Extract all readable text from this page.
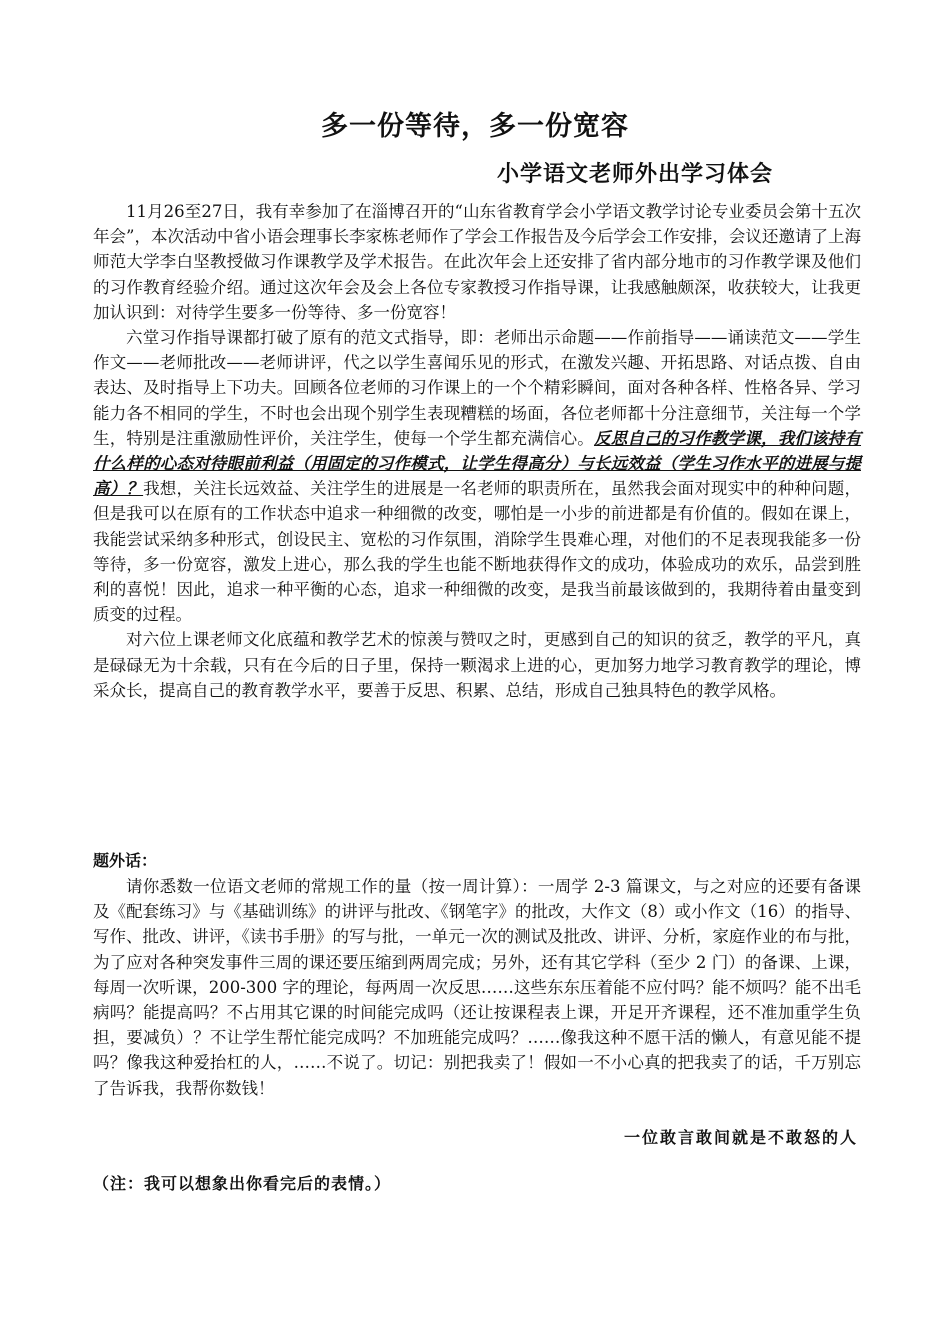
多一份等待，多一份宽容
小学语文老师外出学习体会

11月26至27日，我有幸参加了在淄博召开的“山东省教育学会小学语文教学讨论专业委员会第十五次年会”，本次活动中省小语会理事长李家栋老师作了学会工作报告及今后学会工作安排，会议还邀请了上海师范大学李白坚教授做习作课教学及学术报告。在此次年会上还安排了省内部分地市的习作教学课及他们的习作教育经验介绍。通过这次年会及会上各位专家教授习作指导课，让我感触颇深，收获较大，让我更加认识到：对待学生要多一份等待、多一份宽容！

六堂习作指导课都打破了原有的范文式指导，即：老师出示命题——作前指导——诵读范文——学生作文——老师批改——老师讲评，代之以学生喜闻乐见的形式，在激发兴趣、开拓思路、对话点拨、自由表达、及时指导上下功夫。回顾各位老师的习作课上的一个个精彩瞬间，面对各种各样、性格各异、学习能力各不相同的学生，不时也会出现个别学生表现糟糕的场面，各位老师都十分注意细节，关注每一个学生，特别是注重激励性评价，关注学生，使每一个学生都充满信心。反思自己的习作教学课，我们该持有什么样的心态对待眼前利益（用固定的习作模式，让学生得高分）与长远效益（学生习作水平的进展与提高）？我想，关注长远效益、关注学生的进展是一名老师的职责所在，虽然我会面对现实中的种种问题，但是我可以在原有的工作状态中追求一种细微的改变，哪怕是一小步的前进都是有价值的。假如在课上，我能尝试采纳多种形式，创设民主、宽松的习作氛围，消除学生畏难心理，对他们的不足表现我能多一份等待，多一份宽容，激发上进心，那么我的学生也能不断地获得作文的成功，体验成功的欢乐，品尝到胜利的喜悦！因此，追求一种平衡的心态，追求一种细微的改变，是我当前最该做到的，我期待着由量变到质变的过程。

对六位上课老师文化底蕴和教学艺术的惊羡与赞叹之时，更感到自己的知识的贫乏，教学的平凡，真是碌碌无为十余载，只有在今后的日子里，保持一颗渴求上进的心，更加努力地学习教育教学的理论，博采众长，提高自己的教育教学水平，要善于反思、积累、总结，形成自己独具特色的教学风格。

题外话：

请你悉数一位语文老师的常规工作的量（按一周计算）：一周学 2-3 篇课文，与之对应的还要有备课及《配套练习》与《基础训练》的讲评与批改、《钢笔字》的批改，大作文（8）或小作文（16）的指导、写作、批改、讲评，《读书手册》的写与批，一单元一次的测试及批改、讲评、分析，家庭作业的布与批，为了应对各种突发事件三周的课还要压缩到两周完成；另外，还有其它学科（至少 2 门）的备课、上课，每周一次听课，200-300 字的理论，每两周一次反思……这些东东压着能不应付吗？能不烦吗？能不出毛病吗？能提高吗？不占用其它课的时间能完成吗（还让按课程表上课，开足开齐课程，还不准加重学生负担，要减负）？不让学生帮忙能完成吗？不加班能完成吗？……像我这种不愿干活的懒人，有意见能不提吗？像我这种爱抬杠的人，……不说了。切记：别把我卖了！假如一不小心真的把我卖了的话，千万别忘了告诉我，我帮你数钱！

一位敢言敢间就是不敢怒的人
（注：我可以想象出你看完后的表情。）
